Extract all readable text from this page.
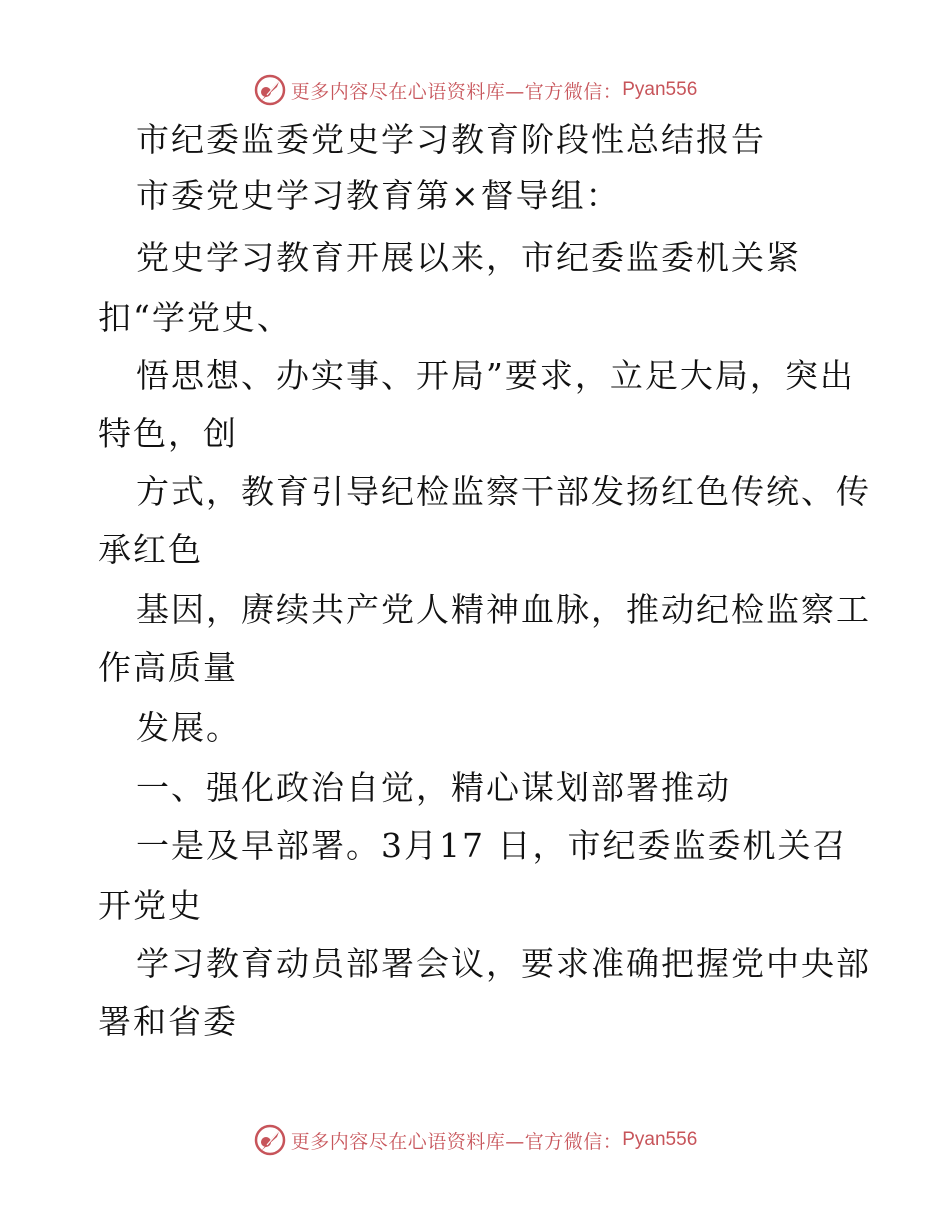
更多内容尽在心语资料库—官方微信： Pyan556
市纪委监委党史学习教育阶段性总结报告
市委党史学习教育第×督导组：
党史学习教育开展以来，市纪委监委机关紧
扣“学党史、
悟思想、办实事、开局”要求，立足大局，突出
特色，创
方式，教育引导纪检监察干部发扬红色传统、传
承红色
基因，赓续共产党人精神血脉，推动纪检监察工
作高质量
发展。
一、强化政治自觉，精心谋划部署推动
一是及早部署。3月17 日，市纪委监委机关召
开党史
学习教育动员部署会议，要求准确把握党中央部
署和省委
更多内容尽在心语资料库—官方微信： Pyan556
